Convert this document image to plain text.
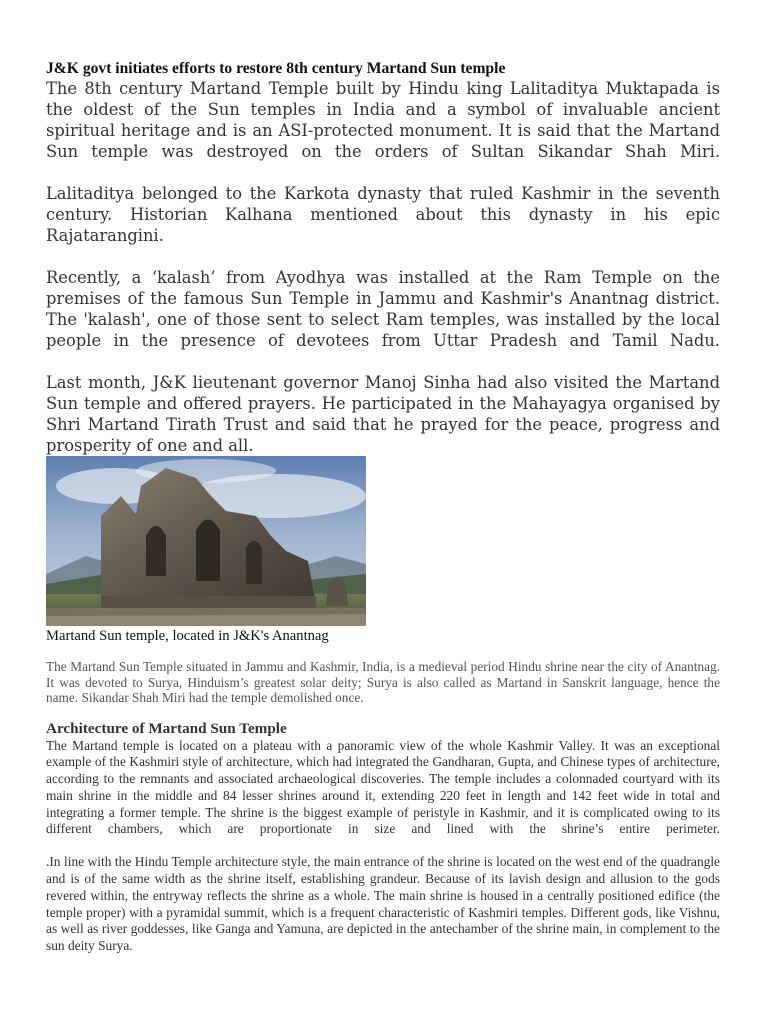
J&K govt initiates efforts to restore 8th century Martand Sun temple

The 8th century Martand Temple built by Hindu king Lalitaditya Muktapada is the oldest of the Sun temples in India and a symbol of invaluable ancient spiritual heritage and is an ASI-protected monument. It is said that the Martand Sun temple was destroyed on the orders of Sultan Sikandar Shah Miri.

Lalitaditya belonged to the Karkota dynasty that ruled Kashmir in the seventh century. Historian Kalhana mentioned about this dynasty in his epic Rajatarangini.

Recently, a ‘kalash’ from Ayodhya was installed at the Ram Temple on the premises of the famous Sun Temple in Jammu and Kashmir's Anantnag district. The 'kalash', one of those sent to select Ram temples, was installed by the local people in the presence of devotees from Uttar Pradesh and Tamil Nadu.

Last month, J&K lieutenant governor Manoj Sinha had also visited the Martand Sun temple and offered prayers. He participated in the Mahayagya organised by Shri Martand Tirath Trust and said that he prayed for the peace, progress and prosperity of one and all.

Martand Sun temple, located in J&K's Anantnag

The Martand Sun Temple situated in Jammu and Kashmir, India, is a medieval period Hindu shrine near the city of Anantnag. It was devoted to Surya, Hinduism’s greatest solar deity; Surya is also called as Martand in Sanskrit language, hence the name. Sikandar Shah Miri had the temple demolished once.

Architecture of Martand Sun Temple

The Martand temple is located on a plateau with a panoramic view of the whole Kashmir Valley. It was an exceptional example of the Kashmiri style of architecture, which had integrated the Gandharan, Gupta, and Chinese types of architecture, according to the remnants and associated archaeological discoveries. The temple includes a colonnaded courtyard with its main shrine in the middle and 84 lesser shrines around it, extending 220 feet in length and 142 feet wide in total and integrating a former temple. The shrine is the biggest example of peristyle in Kashmir, and it is complicated owing to its different chambers, which are proportionate in size and lined with the shrine’s entire perimeter.

.In line with the Hindu Temple architecture style, the main entrance of the shrine is located on the west end of the quadrangle and is of the same width as the shrine itself, establishing grandeur. Because of its lavish design and allusion to the gods revered within, the entryway reflects the shrine as a whole. The main shrine is housed in a centrally positioned edifice (the temple proper) with a pyramidal summit, which is a frequent characteristic of Kashmiri temples. Different gods, like Vishnu, as well as river goddesses, like Ganga and Yamuna, are depicted in the antechamber of the shrine main, in complement to the sun deity Surya.
